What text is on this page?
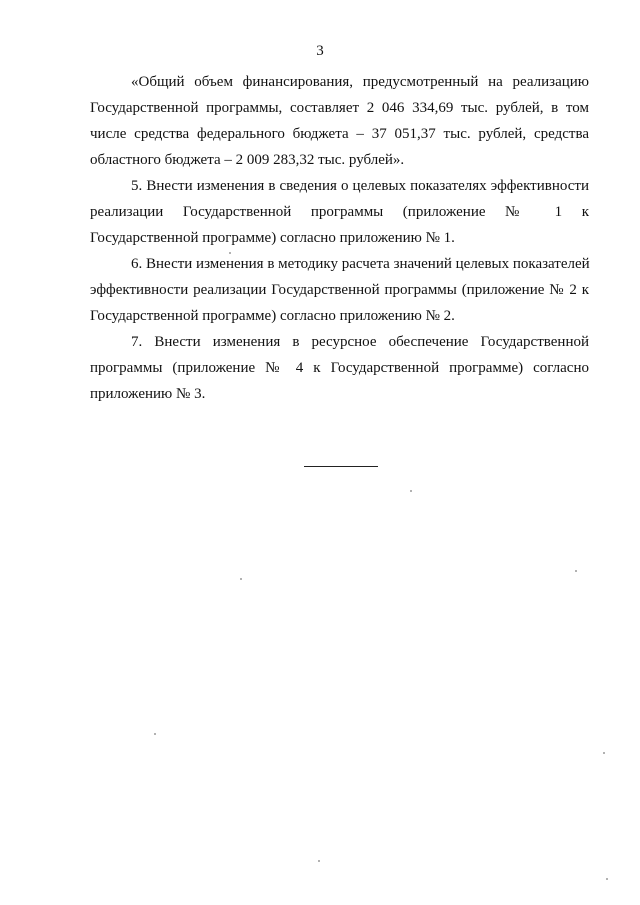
3
«Общий объем финансирования, предусмотренный на реализацию
Государственной программы, составляет 2 046 334,69 тыс. рублей, в том
числе средства федерального бюджета – 37 051,37 тыс. рублей, средства
областного бюджета – 2 009 283,32 тыс. рублей».
5. Внести изменения в сведения о целевых показателях эффективности
реализации Государственной программы (приложение № 1 к
Государственной программе) согласно приложению № 1.
6. Внести изменения в методику расчета значений целевых показателей
эффективности реализации Государственной программы (приложение № 2 к
Государственной программе) согласно приложению № 2.
7. Внести изменения в ресурсное обеспечение Государственной
программы (приложение № 4 к Государственной программе) согласно
приложению № 3.
